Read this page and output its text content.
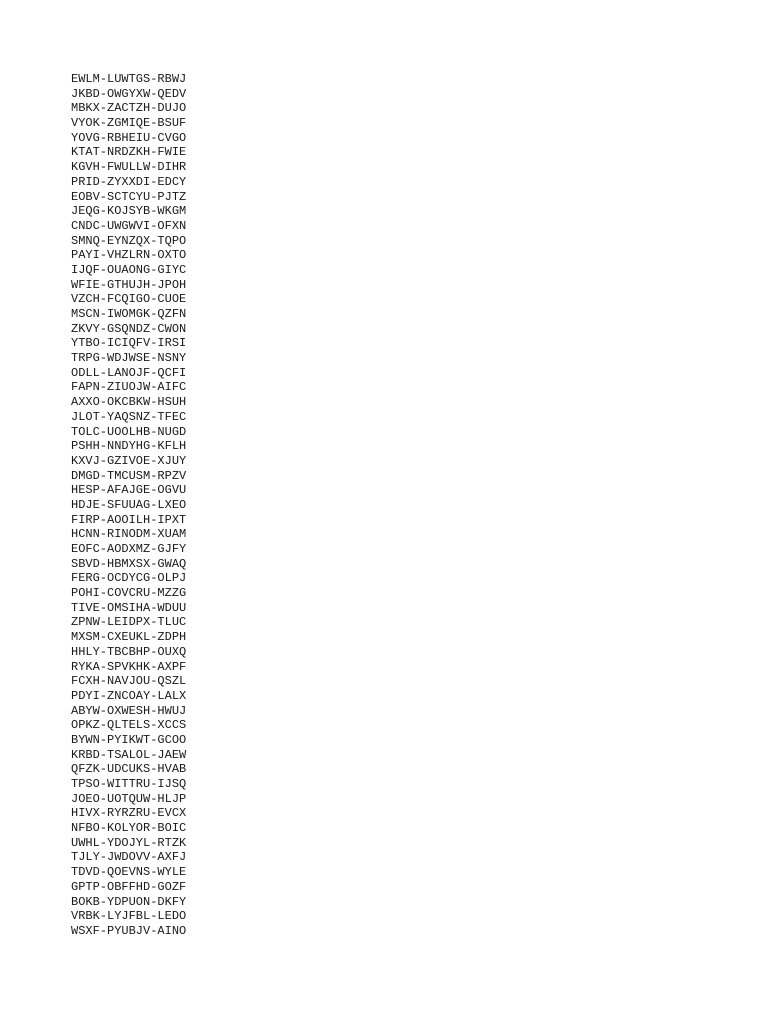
EWLM-LUWTGS-RBWJ
JKBD-OWGYXW-QEDV
MBKX-ZACTZH-DUJO
VYOK-ZGMIQE-BSUF
YOVG-RBHEIU-CVGO
KTAT-NRDZKH-FWIE
KGVH-FWULLW-DIHR
PRID-ZYXXDI-EDCY
EOBV-SCTCYU-PJTZ
JEQG-KOJSYB-WKGM
CNDC-UWGWVI-OFXN
SMNQ-EYNZQX-TQPO
PAYI-VHZLRN-OXTO
IJQF-OUAONG-GIYC
WFIE-GTHUJH-JPOH
VZCH-FCQIGO-CUOE
MSCN-IWOMGK-QZFN
ZKVY-GSQNDZ-CWON
YTBO-ICIQFV-IRSI
TRPG-WDJWSE-NSNY
ODLL-LANOJF-QCFI
FAPN-ZIUOJW-AIFC
AXXO-OKCBKW-HSUH
JLOT-YAQSNZ-TFEC
TOLC-UOOLHB-NUGD
PSHH-NNDYHG-KFLH
KXVJ-GZIVOE-XJUY
DMGD-TMCUSM-RPZV
HESP-AFAJGE-OGVU
HDJE-SFUUAG-LXEO
FIRP-AOOILH-IPXT
HCNN-RINODM-XUAM
EOFC-AODXMZ-GJFY
SBVD-HBMXSX-GWAQ
FERG-OCDYCG-OLPJ
POHI-COVCRU-MZZG
TIVE-OMSIHA-WDUU
ZPNW-LEIDPX-TLUC
MXSM-CXEUKL-ZDPH
HHLY-TBCBHP-OUXQ
RYKA-SPVKHK-AXPF
FCXH-NAVJOU-QSZL
PDYI-ZNCOAY-LALX
ABYW-OXWESH-HWUJ
OPKZ-QLTELS-XCCS
BYWN-PYIKWT-GCOO
KRBD-TSALOL-JAEW
QFZK-UDCUKS-HVAB
TPSO-WITTRU-IJSQ
JOEO-UOTQUW-HLJP
HIVX-RYRZRU-EVCX
NFBO-KOLYOR-BOIC
UWHL-YDOJYL-RTZK
TJLY-JWDOVV-AXFJ
TDVD-QOEVNS-WYLE
GPTP-OBFFHD-GOZF
BOKB-YDPUON-DKFY
VRBK-LYJFBL-LEDO
WSXF-PYUBJV-AINO
